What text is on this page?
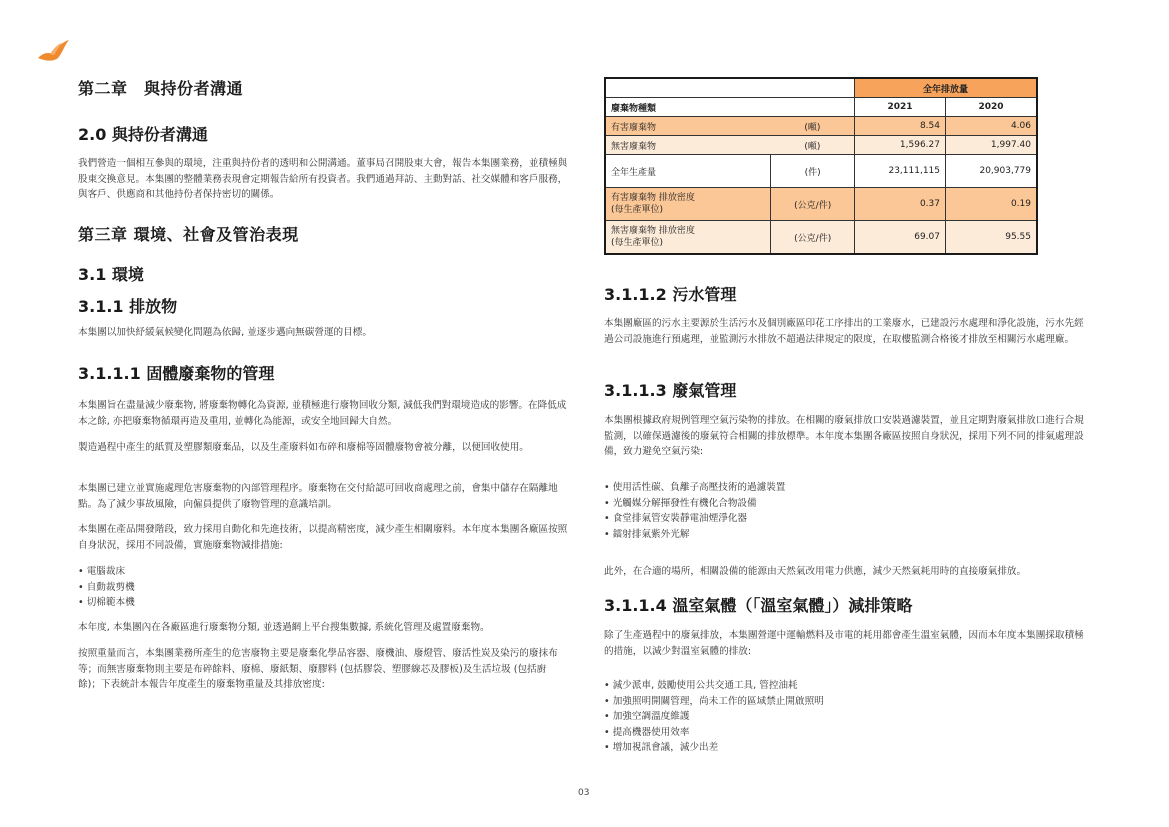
第二章　與持份者溝通
2.0 與持份者溝通
我們營造一個相互參與的環境，注重與持份者的透明和公開溝通。董事局召開股東大會，報告本集團業務，並積極與股東交換意見。本集團的整體業務表現會定期報告給所有投資者。我們通過拜訪、主動對話、社交媒體和客戶服務，與客戶、供應商和其他持份者保持密切的關係。
第三章 環境、社會及管治表現
3.1 環境
3.1.1 排放物
本集團以加快紓緩氣候變化問題為依歸, 並逐步邁向無碳營運的目標。
3.1.1.1 固體廢棄物的管理
本集團旨在盡量減少廢棄物, 將廢棄物轉化為資源, 並積極進行廢物回收分類, 減低我們對環境造成的影響。在降低成本之餘, 亦把廢棄物循環再造及重用, 並轉化為能源，或安全地回歸大自然。
製造過程中產生的紙質及塑膠類廢棄品，以及生產廢料如布碎和廢棉等固體廢物會被分離，以便回收使用。
本集團已建立並實施處理危害廢棄物的內部管理程序。廢棄物在交付給認可回收商處理之前，會集中儲存在隔離地點。為了減少事故風險，向僱員提供了廢物管理的意識培訓。
本集團在產品開發階段，致力採用自動化和先進技術，以提高精密度，減少產生相關廢料。本年度本集團各廠區按照自身狀況，採用不同設備，實施廢棄物減排措施:
• 電腦裁床
• 自動裁剪機
• 切棉範本機
本年度, 本集團內在各廠區進行廢棄物分類, 並透過網上平台搜集數據, 系統化管理及處置廢棄物。
按照重量而言，本集團業務所產生的危害廢物主要是廢棄化學品容器、廢機油、廢燈管、廢活性炭及染污的廢抹布等；而無害廢棄物則主要是布碎餘料、廢棉、廢紙類、廢膠料 (包括膠袋、塑膠線芯及膠板)及生活垃圾 (包括廚餘)；下表統計本報告年度產生的廢棄物重量及其排放密度:
		全年排放量	
廢棄物種類		2021	2020
有害廢棄物	(噸)	8.54	4.06
無害廢棄物	(噸)	1,596.27	1,997.40
全年生產量	(件)	23,111,115	20,903,779

有害廢棄物 排放密度
(每生產單位)	(公克/件)	0.37	0.19

無害廢棄物 排放密度
(每生產單位)	(公克/件)	69.07	95.55
3.1.1.2 污水管理
本集團廠區的污水主要源於生活污水及個別廠區印花工序排出的工業廢水，已建設污水處理和淨化設施，污水先經過公司設施進行預處理，並監測污水排放不超過法律規定的限度，在取樓監測合格後才排放至相關污水處理廠。
3.1.1.3 廢氣管理
本集團根據政府規例管理空氣污染物的排放。在相關的廢氣排放口安裝過濾裝置，並且定期對廢氣排放口進行合規監測，以確保過濾後的廢氣符合相關的排放標準。本年度本集團各廠區按照自身狀況，採用下列不同的排氣處理設備，致力避免空氣污染:
• 使用活性碳、負離子高壓技術的過濾裝置
• 光觸媒分解揮發性有機化合物設備
• 食堂排氣管安裝靜電油煙淨化器
• 鐳射排氣紫外光解
此外，在合適的場所，相關設備的能源由天然氣改用電力供應，減少天然氣耗用時的直接廢氣排放。
3.1.1.4 溫室氣體（「溫室氣體」）減排策略
除了生產過程中的廢氣排放，本集團營運中運輸燃料及市電的耗用都會產生溫室氣體，因而本年度本集團採取積極的措施，以減少對溫室氣體的排放:
• 減少派車, 鼓勵使用公共交通工具, 管控油耗
• 加強照明開關管理，尚未工作的區域禁止開啟照明
• 加強空調溫度維護
• 提高機器使用效率
• 增加視訊會議，減少出差
03
